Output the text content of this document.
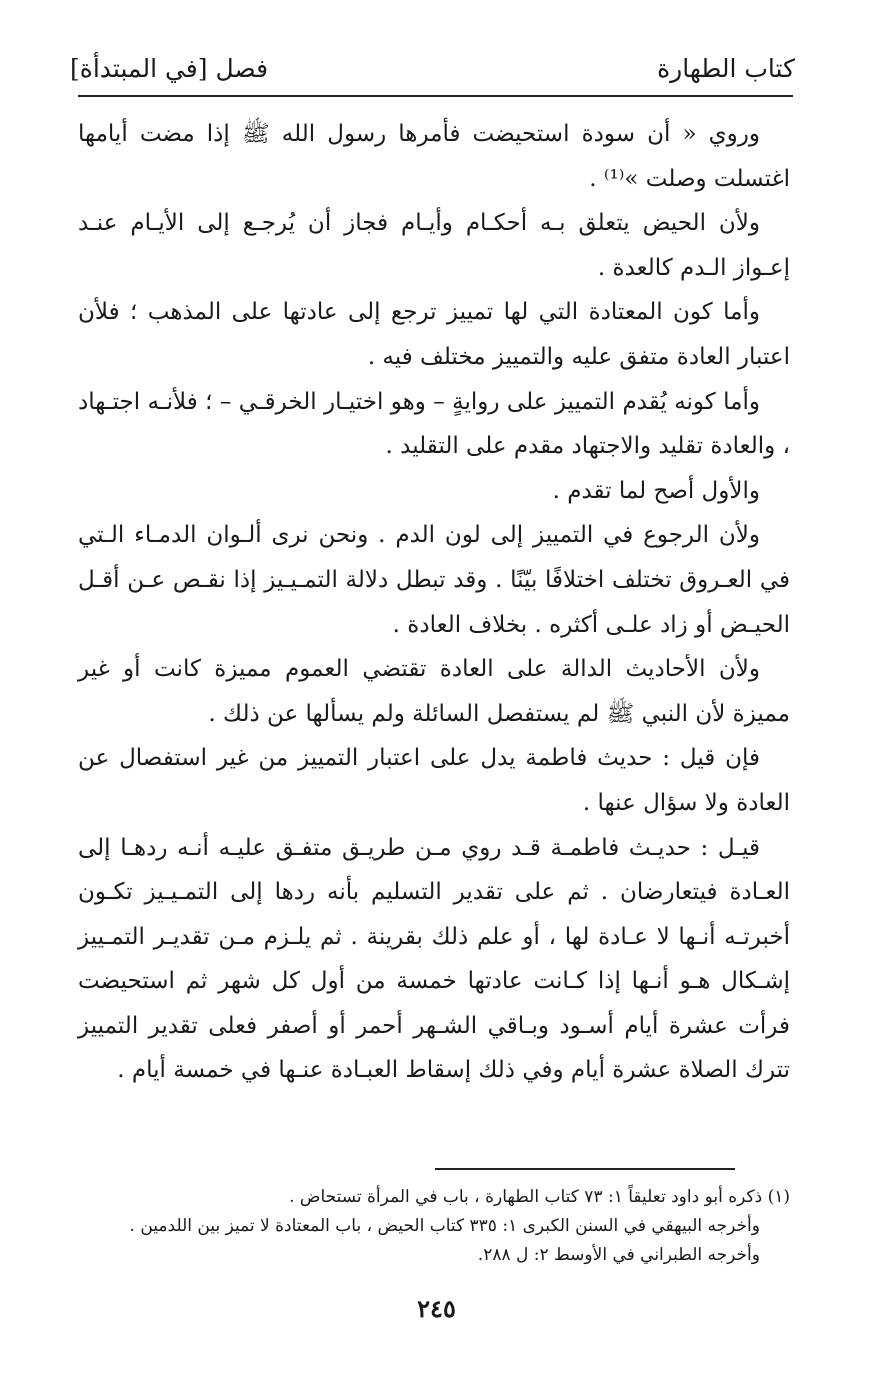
كتاب الطهارة
فصل [في المبتدأة]

وروي « أن سودة استحيضت فأمرها رسول الله ﷺ إذا مضت أيامها اغتسلت وصلت »⁽¹⁾ .

ولأن الحيض يتعلق بـه أحكـام وأيـام فجاز أن يُرجـع إلى الأيـام عنـد إعـواز الـدم كالعدة .

وأما كون المعتادة التي لها تمييز ترجع إلى عادتها على المذهب ؛ فلأن اعتبار العادة متفق عليه والتمييز مختلف فيه .

وأما كونه يُقدم التمييز على روايةٍ – وهو اختيـار الخرقـي – ؛ فلأنـه اجتـهاد ، والعادة تقليد والاجتهاد مقدم على التقليد .

والأول أصح لما تقدم .

ولأن الرجوع في التمييز إلى لون الدم . ونحن نرى ألـوان الدمـاء الـتي في العـروق تختلف اختلافًا بيّنًا . وقد تبطل دلالة التمـيـيز إذا نقـص عـن أقـل الحيـض أو زاد علـى أكثره . بخلاف العادة .

ولأن الأحاديث الدالة على العادة تقتضي العموم مميزة كانت أو غير مميزة لأن النبي ﷺ لم يستفصل السائلة ولم يسألها عن ذلك .

فإن قيل : حديث فاطمة يدل على اعتبار التمييز من غير استفصال عن العادة ولا سؤال عنها .

قيـل : حديـث فاطمـة قـد روي مـن طريـق متفـق عليـه أنـه ردهـا إلى العـادة فيتعارضان . ثم على تقدير التسليم بأنه ردها إلى التمـيـيز تكـون أخبرتـه أنـها لا عـادة لها ، أو علم ذلك بقرينة . ثم يلـزم مـن تقديـر التمـييز إشـكال هـو أنـها إذا كـانت عادتها خمسة من أول كل شهر ثم استحيضت فرأت عشرة أيام أسـود وبـاقي الشـهر أحمر أو أصفر فعلى تقدير التمييز تترك الصلاة عشرة أيام وفي ذلك إسقاط العبـادة عنـها في خمسة أيام .

(١) ذكره أبو داود تعليقاً ١: ٧٣ كتاب الطهارة ، باب في المرأة تستحاض .

وأخرجه البيهقي في السنن الكبرى ١: ٣٣٥ كتاب الحيض ، باب المعتادة لا تميز بين اللدمين .

وأخرجه الطبراني في الأوسط ٢: ل ٢٨٨.

٢٤٥
